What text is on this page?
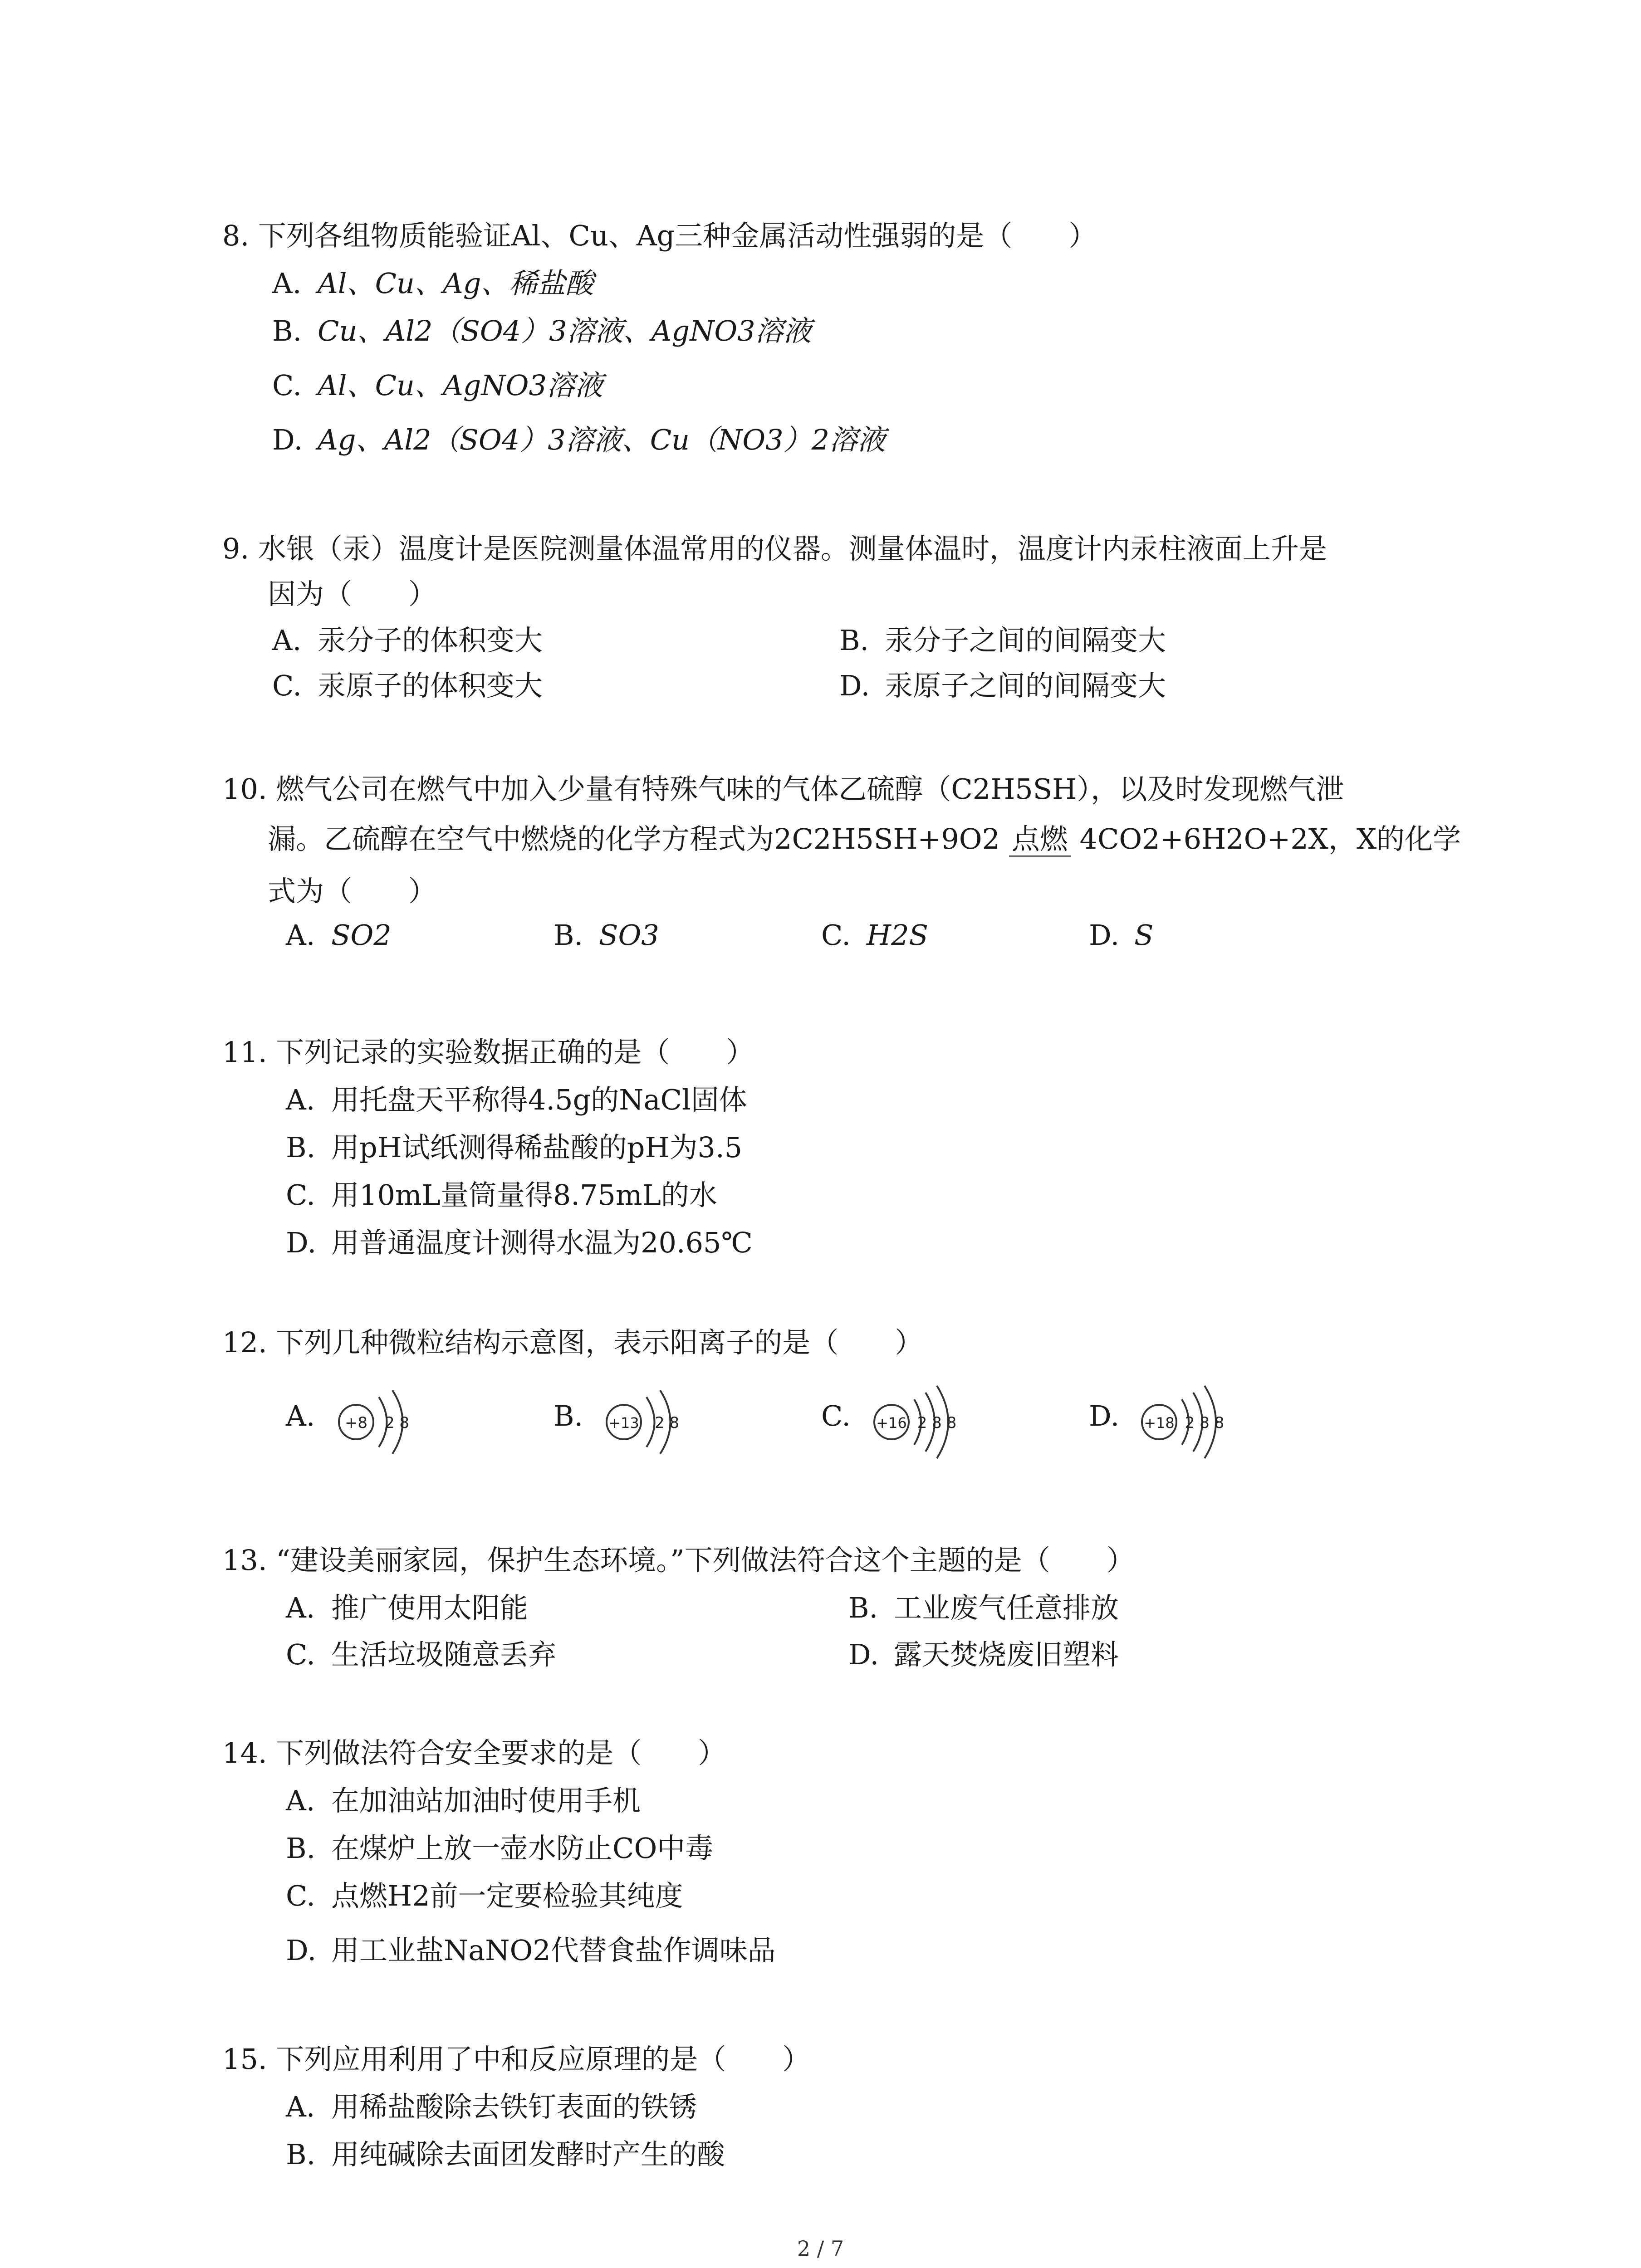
8. 下列各组物质能验证Al、Cu、Ag三种金属活动性强弱的是（　　）
A. Al、Cu、Ag、稀盐酸
B. Cu、Al2（SO4）3溶液、AgNO3溶液
C. Al、Cu、AgNO3溶液
D. Ag、Al2（SO4）3溶液、Cu（NO3）2溶液
9. 水银（汞）温度计是医院测量体温常用的仪器。测量体温时，温度计内汞柱液面上升是
因为（　　）
A. 汞分子的体积变大	B. 汞分子之间的间隔变大
C. 汞原子的体积变大	D. 汞原子之间的间隔变大
10. 燃气公司在燃气中加入少量有特殊气味的气体乙硫醇（C2H5SH），以及时发现燃气泄
漏。乙硫醇在空气中燃烧的化学方程式为2C2H5SH+9O2 点燃 4CO2+6H2O+2X，X的化学
式为（　　）
A. SO2	B. SO3	C. H2S	D. S
11. 下列记录的实验数据正确的是（　　）
A. 用托盘天平称得4.5g的NaCl固体
B. 用pH试纸测得稀盐酸的pH为3.5
C. 用10mL量筒量得8.75mL的水
D. 用普通温度计测得水温为20.65℃
12. 下列几种微粒结构示意图，表示阳离子的是（　　）
A. +8 2 8	B. +13 2 8	C. +16 2 8 8	D. +18 2 8 8
13. “建设美丽家园，保护生态环境。”下列做法符合这个主题的是（　　）
A. 推广使用太阳能	B. 工业废气任意排放
C. 生活垃圾随意丢弃	D. 露天焚烧废旧塑料
14. 下列做法符合安全要求的是（　　）
A. 在加油站加油时使用手机
B. 在煤炉上放一壶水防止CO中毒
C. 点燃H2前一定要检验其纯度
D. 用工业盐NaNO2代替食盐作调味品
15. 下列应用利用了中和反应原理的是（　　）
A. 用稀盐酸除去铁钉表面的铁锈
B. 用纯碱除去面团发酵时产生的酸
2 / 7
